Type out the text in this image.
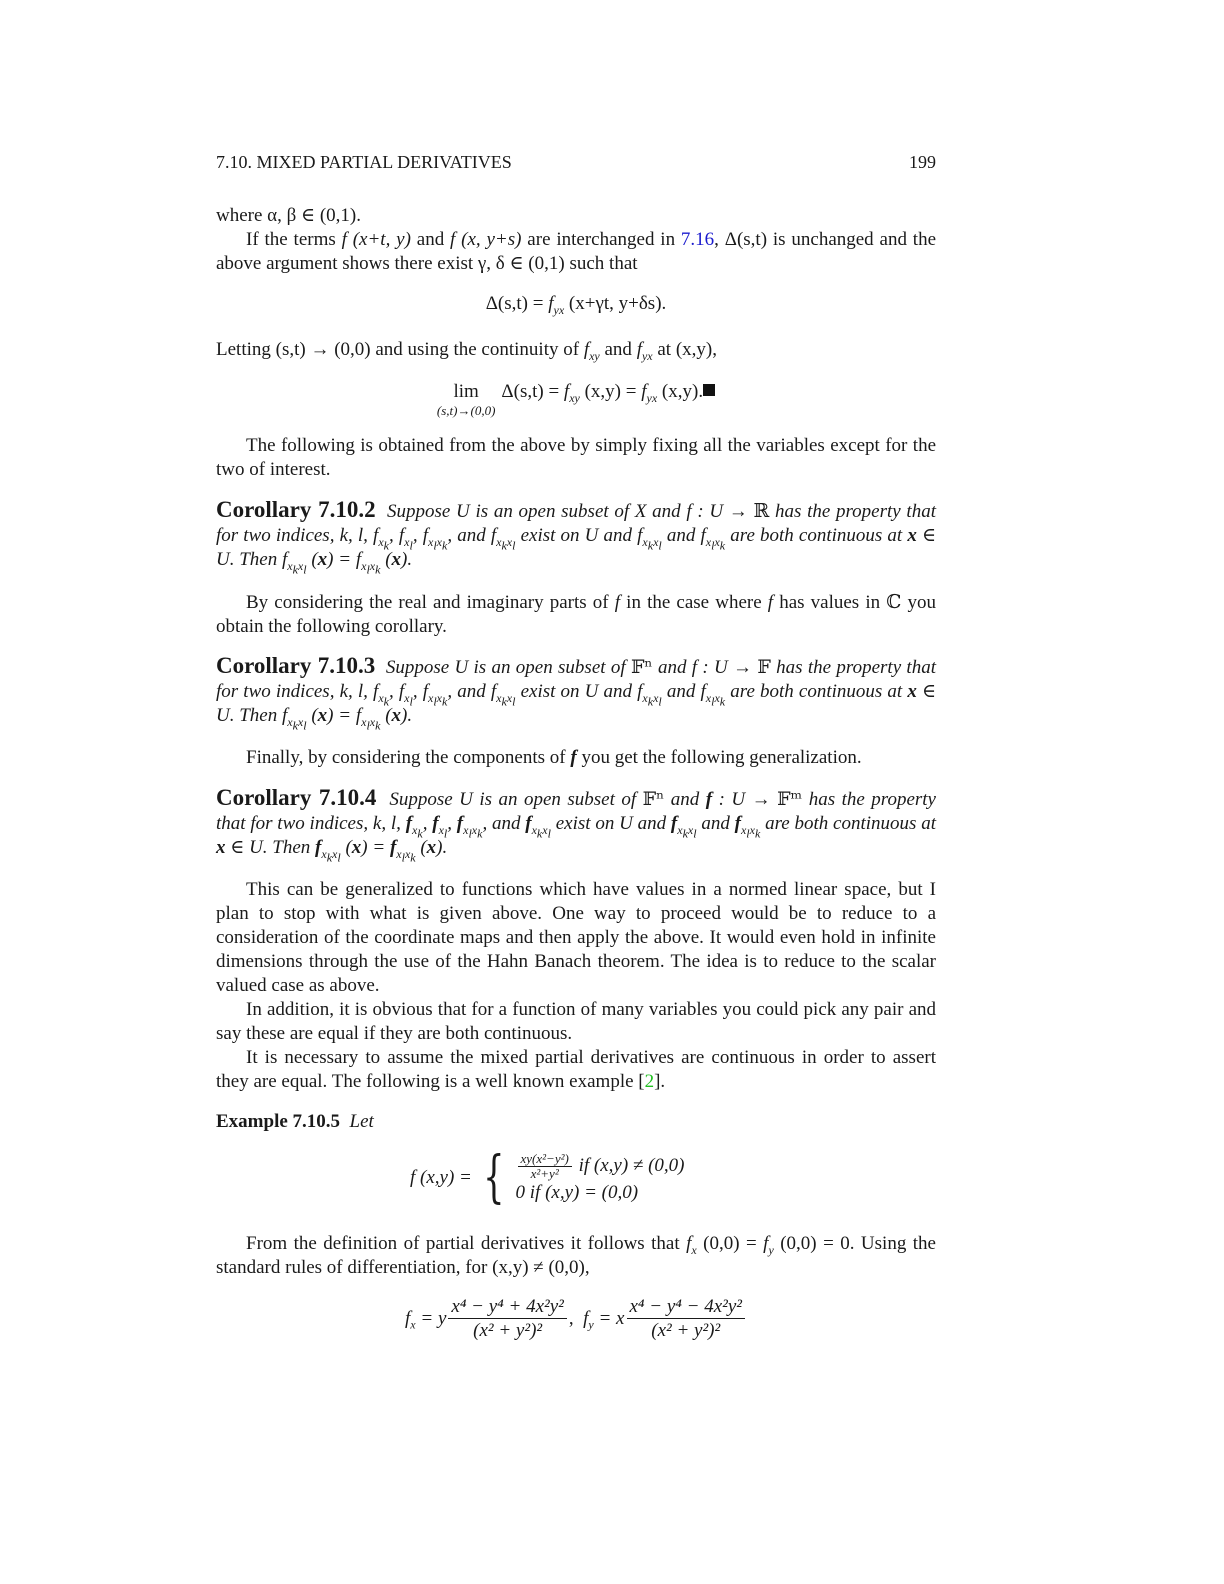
7.10. MIXED PARTIAL DERIVATIVES	199

where α, β ∈ (0,1).

If the terms f (x+t, y) and f (x, y+s) are interchanged in 7.16, Δ(s,t) is unchanged and the above argument shows there exist γ, δ ∈ (0,1) such that

$\Delta(s,t) = f_{yx}$ (x+γt, y+δs).

Letting (s,t) → (0,0) and using the continuity of $f_{xy}$ and $f_{yx}$ at (x,y),

lim
(s,t)→(0,0)
$\Delta(s,t) = f_{xy}$ $(x,y) = f_{yx}$ (x,y).

The following is obtained from the above by simply fixing all the variables except for the two of interest.

Corollary 7.10.2 Suppose U is an open subset of X and f : U → ℝ has the property that for two indices, k, l, $f_{x_k}$, $f_{x_l}$, $f_{x_lx_k}$, and $f_{x_kx_l}$ exist on U and $f_{x_kx_l}$ and $f_{x_lx_k}$ are both continuous at x ∈ U. Then $f_{x_kx_l}$ $(x) = f_{x_lx_k}$ (x).

By considering the real and imaginary parts of f in the case where f has values in ℂ you obtain the following corollary.

Corollary 7.10.3 Suppose U is an open subset of 𝔽ⁿ and f : U → 𝔽 has the property that for two indices, k, l, $f_{x_k}$, $f_{x_l}$, $f_{x_lx_k}$, and $f_{x_kx_l}$ exist on U and $f_{x_kx_l}$ and $f_{x_lx_k}$ are both continuous at x ∈ U. Then $f_{x_kx_l}$ $(x) = f_{x_lx_k}$ (x).

Finally, by considering the components of f you get the following generalization.

Corollary 7.10.4 Suppose U is an open subset of 𝔽ⁿ and f : U → 𝔽ᵐ has the property that for two indices, k, l, $f_{x_k}$, $f_{x_l}$, $f_{x_lx_k}$, and $f_{x_kx_l}$ exist on U and $f_{x_kx_l}$ and $f_{x_lx_k}$ are both continuous at x ∈ U. Then $f_{x_kx_l}$ $(x) = f_{x_lx_k}$ (x).

This can be generalized to functions which have values in a normed linear space, but I plan to stop with what is given above. One way to proceed would be to reduce to a consideration of the coordinate maps and then apply the above. It would even hold in infinite dimensions through the use of the Hahn Banach theorem. The idea is to reduce to the scalar valued case as above.

In addition, it is obvious that for a function of many variables you could pick any pair and say these are equal if they are both continuous.

It is necessary to assume the mixed partial derivatives are continuous in order to assert they are equal. The following is a well known example [2].

Example 7.10.5 Let

f (x,y) = { $\frac{\text{xy(x²−y²)}}{\text{x²+y²}}$ if (x,y) ≠ (0,0)
0 if (x,y) = (0,0)

From the definition of partial derivatives it follows that $f_x$ $(0,0) = f_y$ (0,0) = 0. Using the standard rules of differentiation, for (x,y) ≠ (0,0),

$f_x = y \frac{\text{x⁴ − y⁴ + 4x²y²}}{\text{(x² + y²)²}}$ ,  $f_y = x \frac{\text{x⁴ − y⁴ − 4x²y²}}{\text{(x² + y²)²}}$
